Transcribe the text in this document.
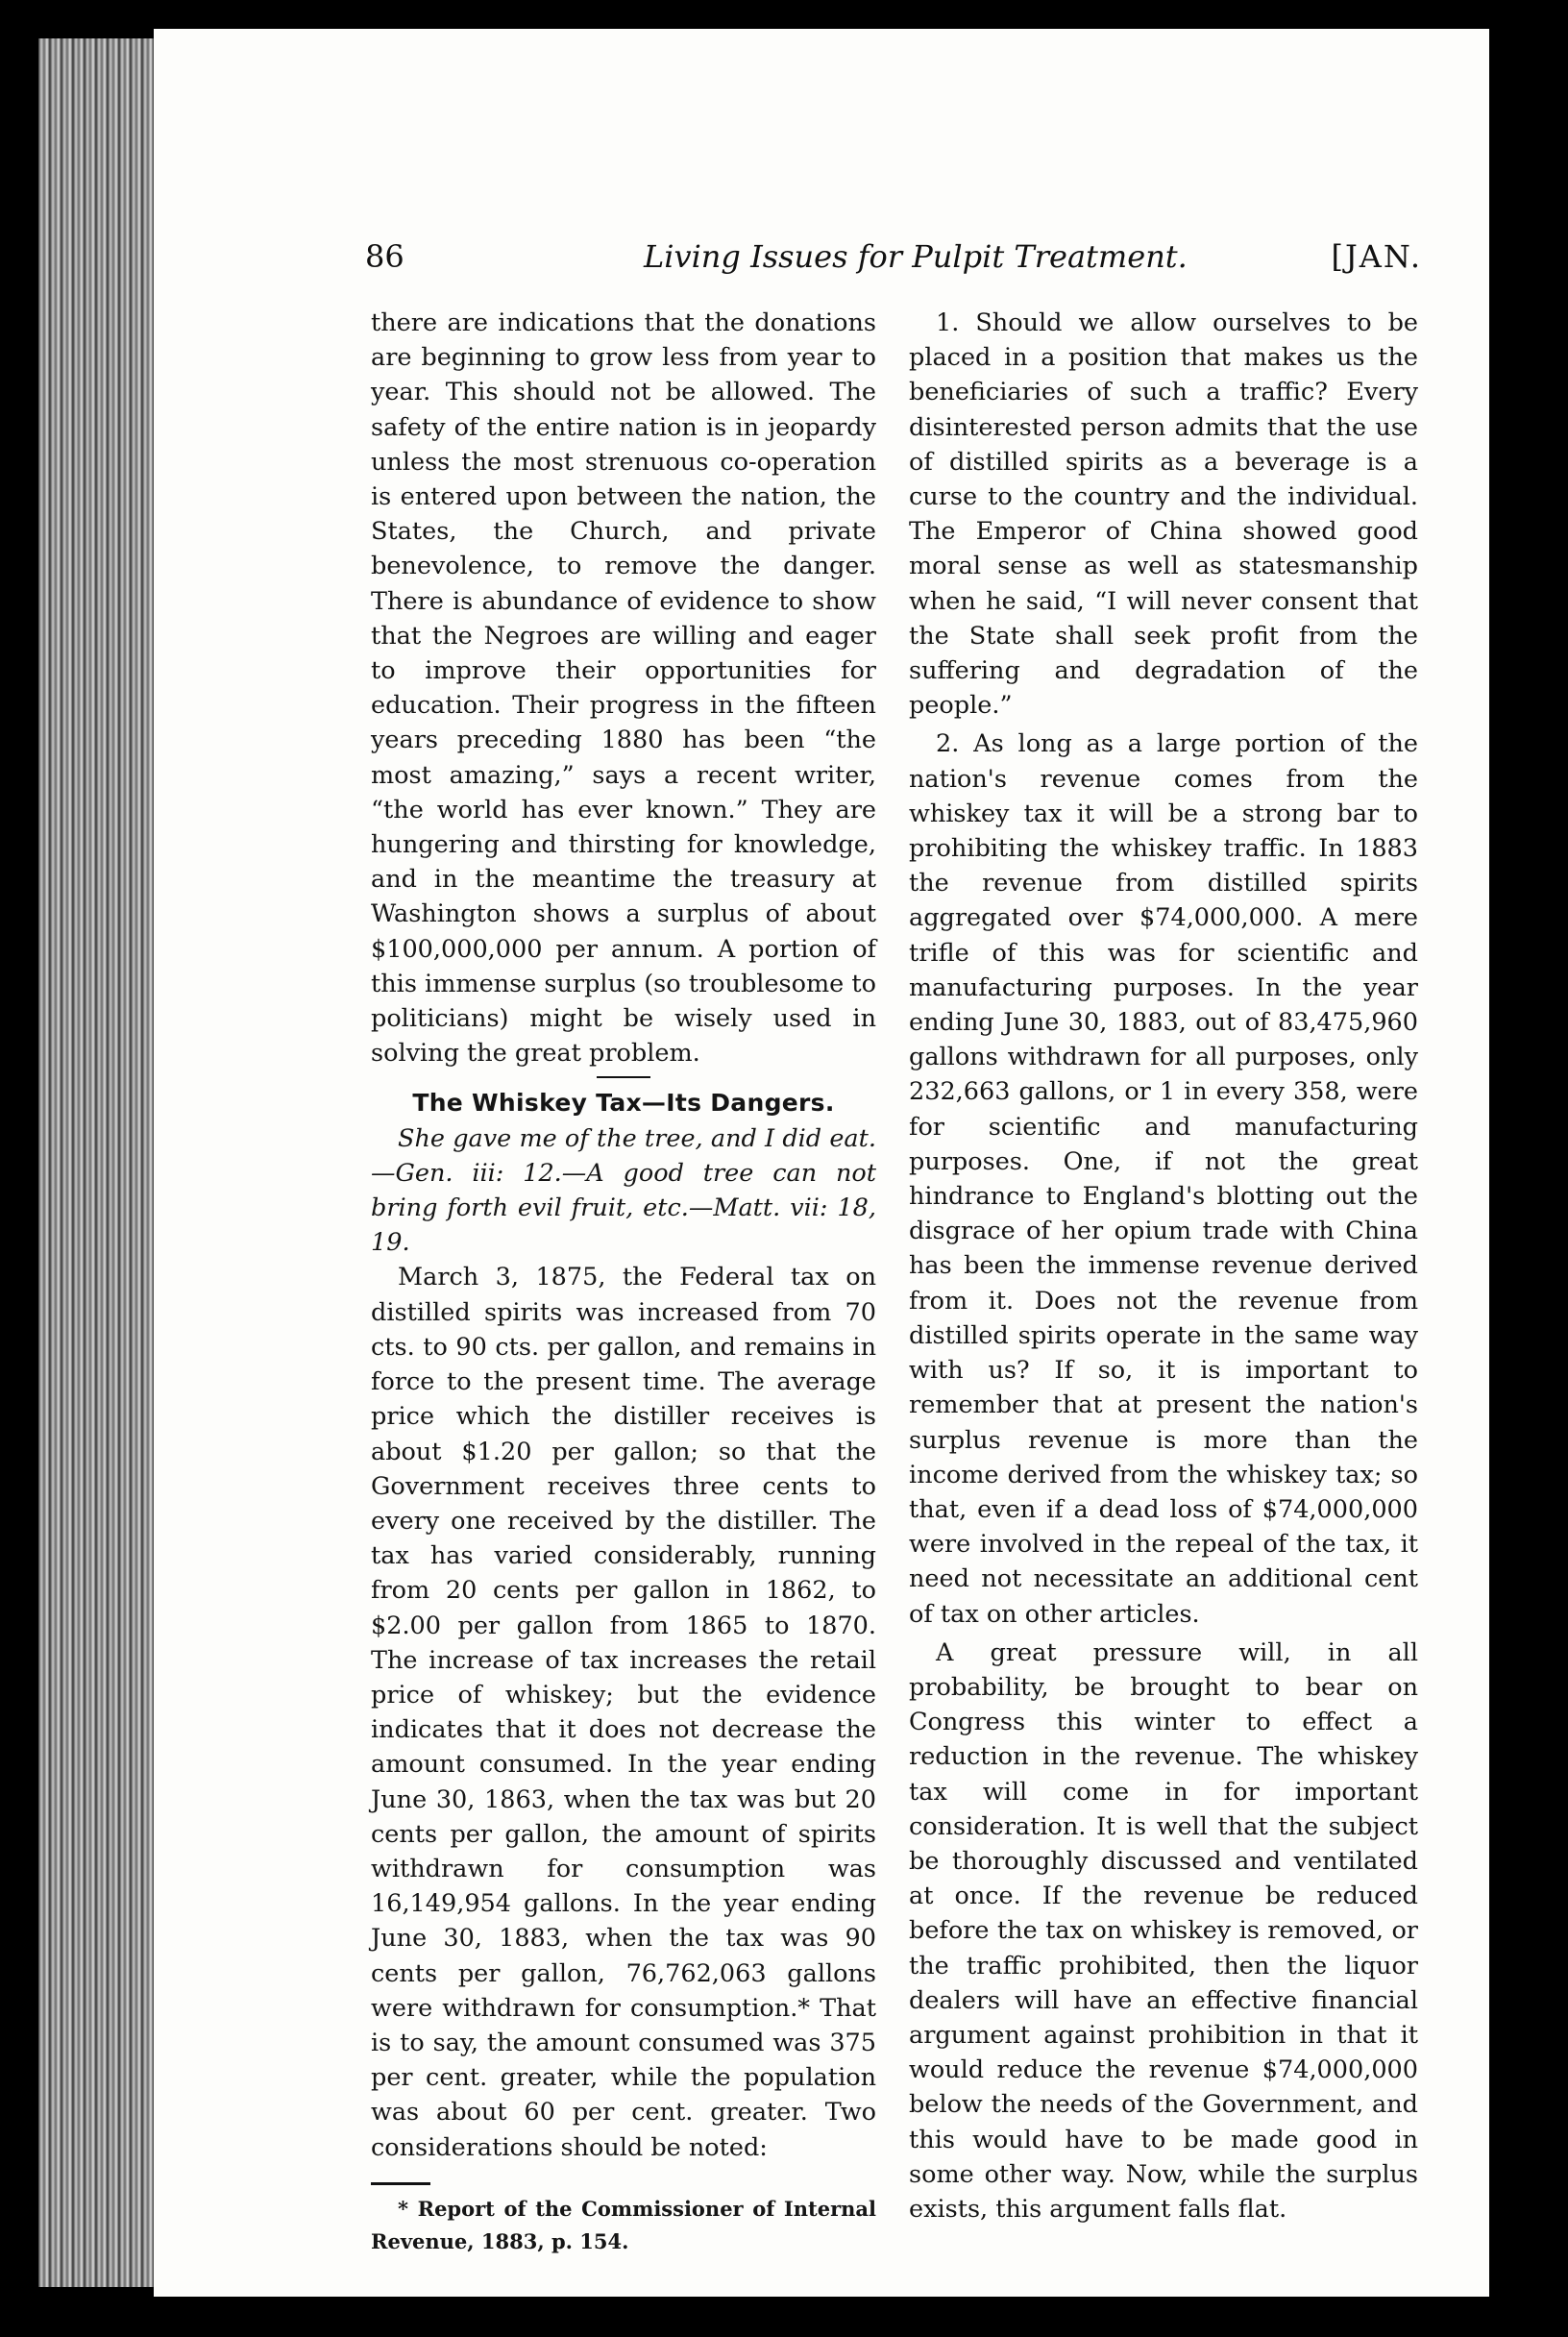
86	Living Issues for Pulpit Treatment.	[JAN.

there are indications that the donations are beginning to grow less from year to year. This should not be allowed. The safety of the entire nation is in jeopardy unless the most strenuous co-operation is entered upon between the nation, the States, the Church, and private benevolence, to remove the danger. There is abundance of evidence to show that the Negroes are willing and eager to improve their opportunities for education. Their progress in the fifteen years preceding 1880 has been “the most amazing,” says a recent writer, “the world has ever known.” They are hungering and thirsting for knowledge, and in the meantime the treasury at Washington shows a surplus of about $100,000,000 per annum. A portion of this immense surplus (so troublesome to politicians) might be wisely used in solving the great problem.

The Whiskey Tax—Its Dangers.

She gave me of the tree, and I did eat.—Gen. iii: 12.—A good tree can not bring forth evil fruit, etc.—Matt. vii: 18, 19.

March 3, 1875, the Federal tax on distilled spirits was increased from 70 cts. to 90 cts. per gallon, and remains in force to the present time. The average price which the distiller receives is about $1.20 per gallon; so that the Government receives three cents to every one received by the distiller. The tax has varied considerably, running from 20 cents per gallon in 1862, to $2.00 per gallon from 1865 to 1870. The increase of tax increases the retail price of whiskey; but the evidence indicates that it does not decrease the amount consumed. In the year ending June 30, 1863, when the tax was but 20 cents per gallon, the amount of spirits withdrawn for consumption was 16,149,954 gallons. In the year ending June 30, 1883, when the tax was 90 cents per gallon, 76,762,063 gallons were withdrawn for consumption.* That is to say, the amount consumed was 375 per cent. greater, while the population was about 60 per cent. greater. Two considerations should be noted:

* Report of the Commissioner of Internal Revenue, 1883, p. 154.

1. Should we allow ourselves to be placed in a position that makes us the beneficiaries of such a traffic? Every disinterested person admits that the use of distilled spirits as a beverage is a curse to the country and the individual. The Emperor of China showed good moral sense as well as statesmanship when he said, “I will never consent that the State shall seek profit from the suffering and degradation of the people.”

2. As long as a large portion of the nation's revenue comes from the whiskey tax it will be a strong bar to prohibiting the whiskey traffic. In 1883 the revenue from distilled spirits aggregated over $74,000,000. A mere trifle of this was for scientific and manufacturing purposes. In the year ending June 30, 1883, out of 83,475,960 gallons withdrawn for all purposes, only 232,663 gallons, or 1 in every 358, were for scientific and manufacturing purposes. One, if not the great hindrance to England's blotting out the disgrace of her opium trade with China has been the immense revenue derived from it. Does not the revenue from distilled spirits operate in the same way with us? If so, it is important to remember that at present the nation's surplus revenue is more than the income derived from the whiskey tax; so that, even if a dead loss of $74,000,000 were involved in the repeal of the tax, it need not necessitate an additional cent of tax on other articles.

A great pressure will, in all probability, be brought to bear on Congress this winter to effect a reduction in the revenue. The whiskey tax will come in for important consideration. It is well that the subject be thoroughly discussed and ventilated at once. If the revenue be reduced before the tax on whiskey is removed, or the traffic prohibited, then the liquor dealers will have an effective financial argument against prohibition in that it would reduce the revenue $74,000,000 below the needs of the Government, and this would have to be made good in some other way. Now, while the surplus exists, this argument falls flat.
